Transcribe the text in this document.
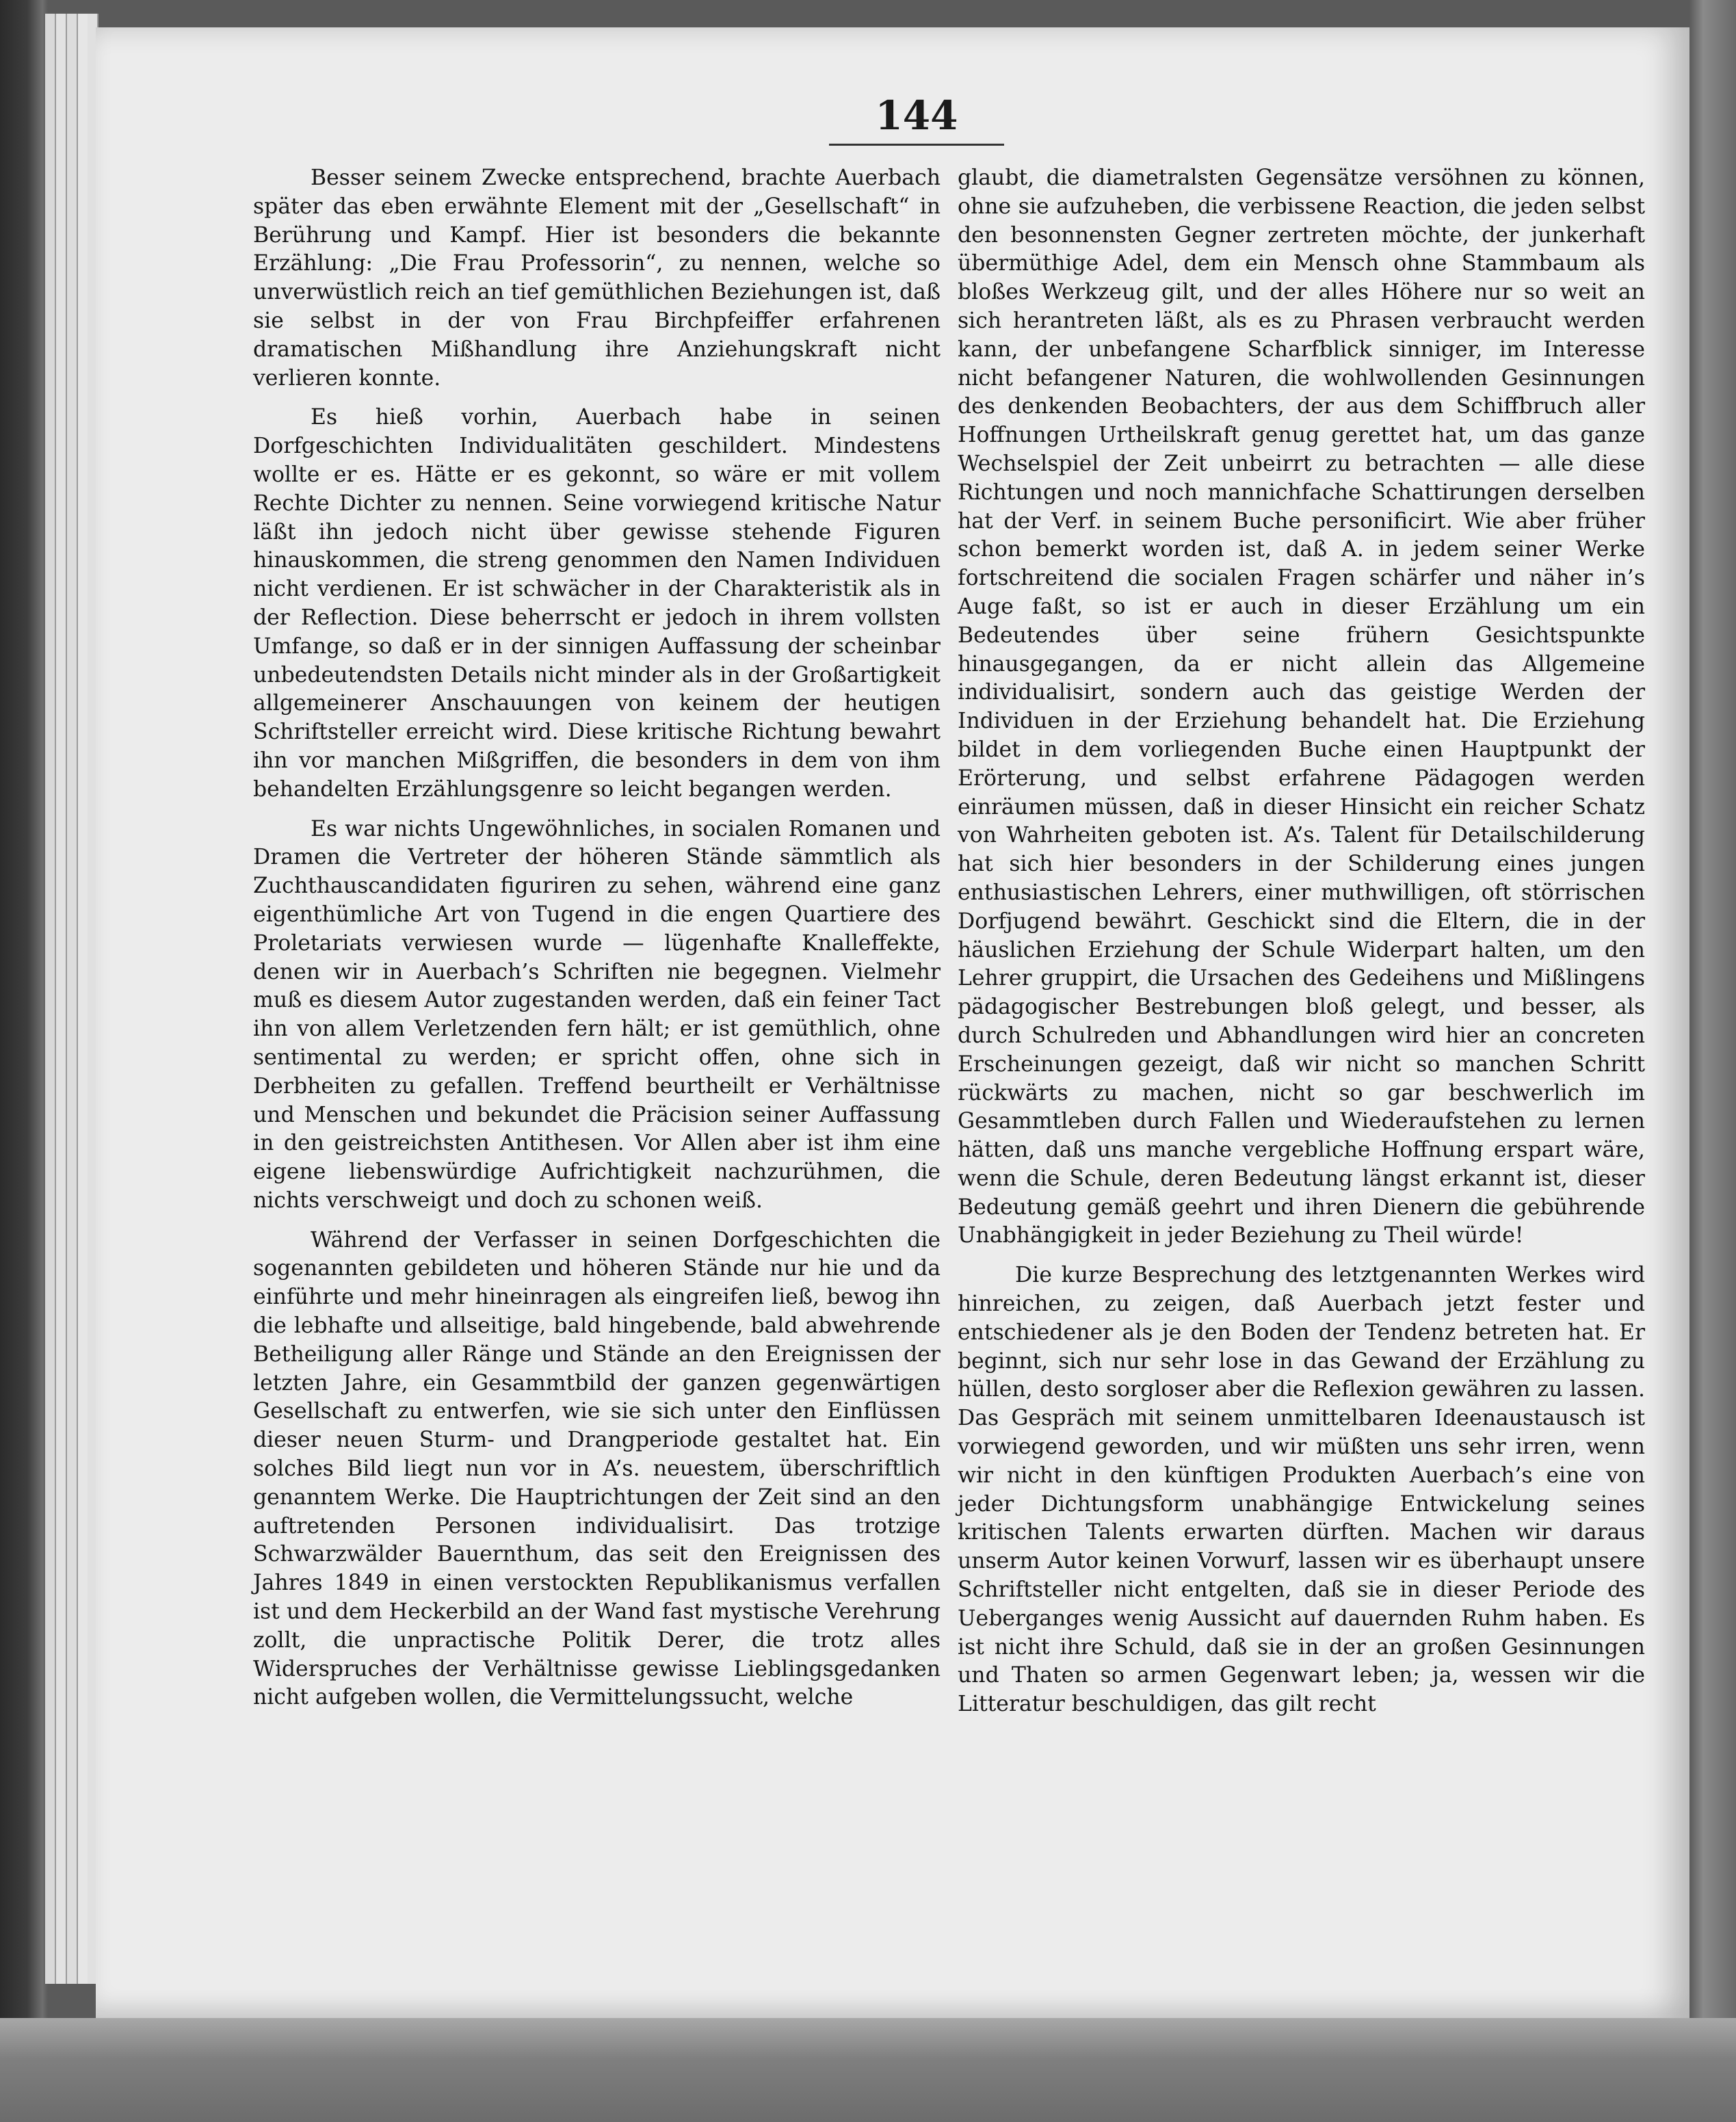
144

Besser seinem Zwecke entsprechend, brachte Auerbach später das eben erwähnte Element mit der „Gesellschaft“ in Berührung und Kampf. Hier ist besonders die bekannte Erzählung: „Die Frau Professorin“, zu nennen, welche so unverwüstlich reich an tief gemüthlichen Beziehungen ist, daß sie selbst in der von Frau Birchpfeiffer erfahrenen dramatischen Mißhandlung ihre Anziehungskraft nicht verlieren konnte.

Es hieß vorhin, Auerbach habe in seinen Dorfgeschichten Individualitäten geschildert. Mindestens wollte er es. Hätte er es gekonnt, so wäre er mit vollem Rechte Dichter zu nennen. Seine vorwiegend kritische Natur läßt ihn jedoch nicht über gewisse stehende Figuren hinauskommen, die streng genommen den Namen Individuen nicht verdienen. Er ist schwächer in der Charakteristik als in der Reflection. Diese beherrscht er jedoch in ihrem vollsten Umfange, so daß er in der sinnigen Auffassung der scheinbar unbedeutendsten Details nicht minder als in der Großartigkeit allgemeinerer Anschauungen von keinem der heutigen Schriftsteller erreicht wird. Diese kritische Richtung bewahrt ihn vor manchen Mißgriffen, die besonders in dem von ihm behandelten Erzählungsgenre so leicht begangen werden.

Es war nichts Ungewöhnliches, in socialen Romanen und Dramen die Vertreter der höheren Stände sämmtlich als Zuchthauscandidaten figuriren zu sehen, während eine ganz eigenthümliche Art von Tugend in die engen Quartiere des Proletariats verwiesen wurde — lügenhafte Knalleffekte, denen wir in Auerbach’s Schriften nie begegnen. Vielmehr muß es diesem Autor zugestanden werden, daß ein feiner Tact ihn von allem Verletzenden fern hält; er ist gemüthlich, ohne sentimental zu werden; er spricht offen, ohne sich in Derbheiten zu gefallen. Treffend beurtheilt er Verhältnisse und Menschen und bekundet die Präcision seiner Auffassung in den geistreichsten Antithesen. Vor Allen aber ist ihm eine eigene liebenswürdige Aufrichtigkeit nachzurühmen, die nichts verschweigt und doch zu schonen weiß.

Während der Verfasser in seinen Dorfgeschichten die sogenannten gebildeten und höheren Stände nur hie und da einführte und mehr hineinragen als eingreifen ließ, bewog ihn die lebhafte und allseitige, bald hingebende, bald abwehrende Betheiligung aller Ränge und Stände an den Ereignissen der letzten Jahre, ein Gesammtbild der ganzen gegenwärtigen Gesellschaft zu entwerfen, wie sie sich unter den Einflüssen dieser neuen Sturm- und Drangperiode gestaltet hat. Ein solches Bild liegt nun vor in A’s. neuestem, überschriftlich genanntem Werke. Die Hauptrichtungen der Zeit sind an den auftretenden Personen individualisirt. Das trotzige Schwarzwälder Bauernthum, das seit den Ereignissen des Jahres 1849 in einen verstockten Republikanismus verfallen ist und dem Heckerbild an der Wand fast mystische Verehrung zollt, die unpractische Politik Derer, die trotz alles Widerspruches der Verhältnisse gewisse Lieblingsgedanken nicht aufgeben wollen, die Vermittelungssucht, welche

glaubt, die diametralsten Gegensätze versöhnen zu können, ohne sie aufzuheben, die verbissene Reaction, die jeden selbst den besonnensten Gegner zertreten möchte, der junkerhaft übermüthige Adel, dem ein Mensch ohne Stammbaum als bloßes Werkzeug gilt, und der alles Höhere nur so weit an sich herantreten läßt, als es zu Phrasen verbraucht werden kann, der unbefangene Scharfblick sinniger, im Interesse nicht befangener Naturen, die wohlwollenden Gesinnungen des denkenden Beobachters, der aus dem Schiffbruch aller Hoffnungen Urtheilskraft genug gerettet hat, um das ganze Wechselspiel der Zeit unbeirrt zu betrachten — alle diese Richtungen und noch mannichfache Schattirungen derselben hat der Verf. in seinem Buche personificirt. Wie aber früher schon bemerkt worden ist, daß A. in jedem seiner Werke fortschreitend die socialen Fragen schärfer und näher in’s Auge faßt, so ist er auch in dieser Erzählung um ein Bedeutendes über seine frühern Gesichtspunkte hinausgegangen, da er nicht allein das Allgemeine individualisirt, sondern auch das geistige Werden der Individuen in der Erziehung behandelt hat. Die Erziehung bildet in dem vorliegenden Buche einen Hauptpunkt der Erörterung, und selbst erfahrene Pädagogen werden einräumen müssen, daß in dieser Hinsicht ein reicher Schatz von Wahrheiten geboten ist. A’s. Talent für Detailschilderung hat sich hier besonders in der Schilderung eines jungen enthusiastischen Lehrers, einer muthwilligen, oft störrischen Dorfjugend bewährt. Geschickt sind die Eltern, die in der häuslichen Erziehung der Schule Widerpart halten, um den Lehrer gruppirt, die Ursachen des Gedeihens und Mißlingens pädagogischer Bestrebungen bloß gelegt, und besser, als durch Schulreden und Abhandlungen wird hier an concreten Erscheinungen gezeigt, daß wir nicht so manchen Schritt rückwärts zu machen, nicht so gar beschwerlich im Gesammtleben durch Fallen und Wiederaufstehen zu lernen hätten, daß uns manche vergebliche Hoffnung erspart wäre, wenn die Schule, deren Bedeutung längst erkannt ist, dieser Bedeutung gemäß geehrt und ihren Dienern die gebührende Unabhängigkeit in jeder Beziehung zu Theil würde!

Die kurze Besprechung des letztgenannten Werkes wird hinreichen, zu zeigen, daß Auerbach jetzt fester und entschiedener als je den Boden der Tendenz betreten hat. Er beginnt, sich nur sehr lose in das Gewand der Erzählung zu hüllen, desto sorgloser aber die Reflexion gewähren zu lassen. Das Gespräch mit seinem unmittelbaren Ideenaustausch ist vorwiegend geworden, und wir müßten uns sehr irren, wenn wir nicht in den künftigen Produkten Auerbach’s eine von jeder Dichtungsform unabhängige Entwickelung seines kritischen Talents erwarten dürften. Machen wir daraus unserm Autor keinen Vorwurf, lassen wir es überhaupt unsere Schriftsteller nicht entgelten, daß sie in dieser Periode des Ueberganges wenig Aussicht auf dauernden Ruhm haben. Es ist nicht ihre Schuld, daß sie in der an großen Gesinnungen und Thaten so armen Gegenwart leben; ja, wessen wir die Litteratur beschuldigen, das gilt recht
